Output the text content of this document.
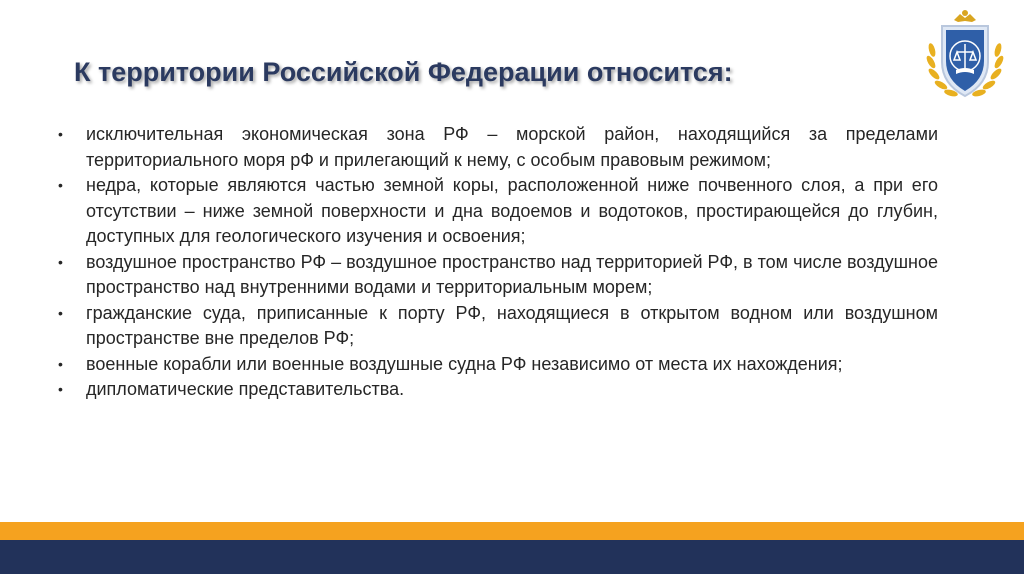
К территории Российской Федерации относится:
•	исключительная экономическая зона РФ – морской район, находящийся за пределами территориального моря рФ и прилегающий к нему, с особым правовым режимом;
•	недра, которые являются частью земной коры, расположенной ниже почвенного слоя, а при его отсутствии – ниже земной поверхности и дна водоемов и водотоков, простирающейся до глубин, доступных для геологического изучения и освоения;
•	воздушное пространство РФ – воздушное пространство над территорией РФ, в том числе воздушное пространство над внутренними водами и территориальным морем;
•	гражданские суда, приписанные к порту РФ, находящиеся в открытом водном или воздушном пространстве вне пределов РФ;
•	военные корабли или военные воздушные судна РФ независимо от места их нахождения;
•	дипломатические представительства.
